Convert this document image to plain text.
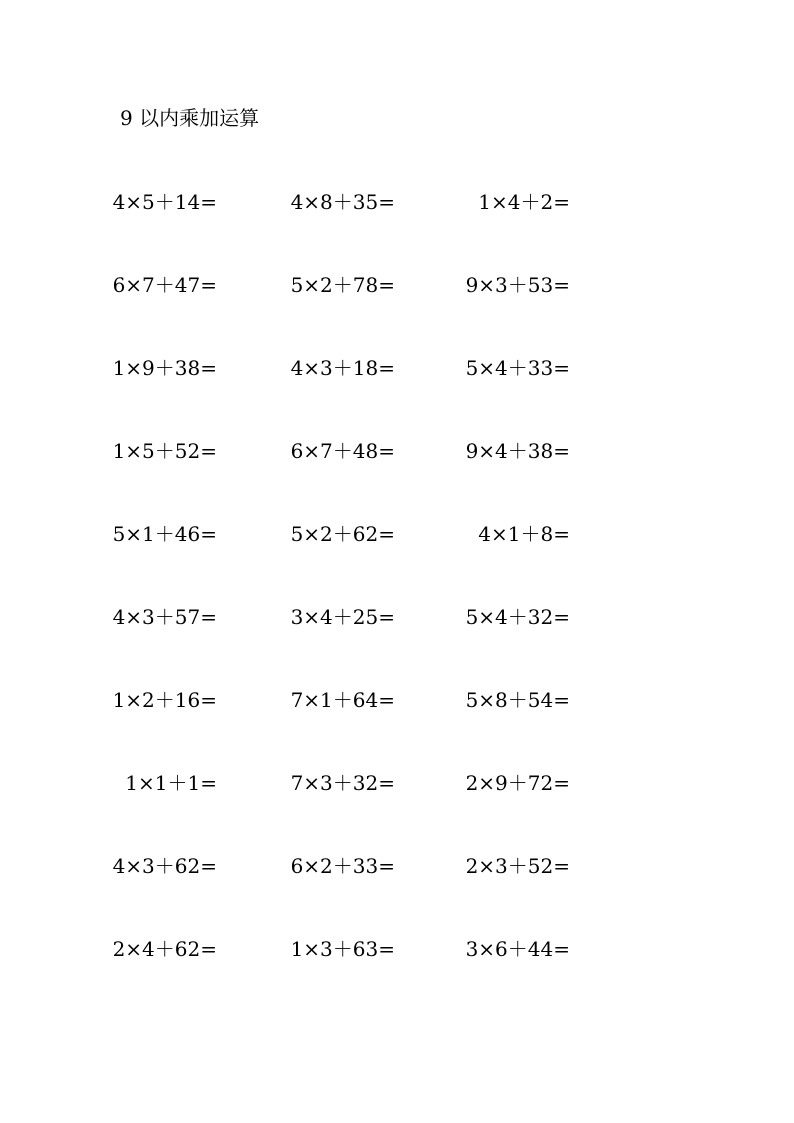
9 以内乘加运算
4×5＋14=	4×8＋35=	1×4＋2=
6×7＋47=	5×2＋78=	9×3＋53=
1×9＋38=	4×3＋18=	5×4＋33=
1×5＋52=	6×7＋48=	9×4＋38=
5×1＋46=	5×2＋62=	4×1＋8=
4×3＋57=	3×4＋25=	5×4＋32=
1×2＋16=	7×1＋64=	5×8＋54=
1×1＋1=	7×3＋32=	2×9＋72=
4×3＋62=	6×2＋33=	2×3＋52=
2×4＋62=	1×3＋63=	3×6＋44=
